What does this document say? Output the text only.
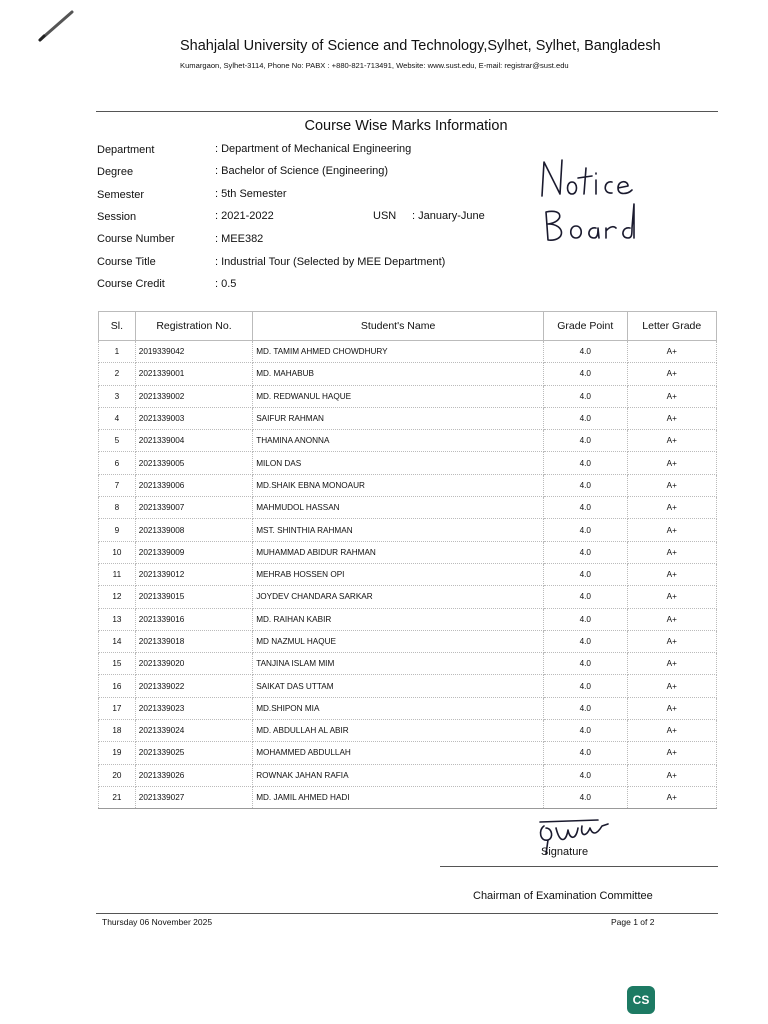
Shahjalal University of Science and Technology,Sylhet, Sylhet, Bangladesh
Kumargaon, Sylhet-3114, Phone No: PABX : +880-821-713491, Website: www.sust.edu, E-mail: registrar@sust.edu
Course Wise Marks Information
Department	: Department of Mechanical Engineering
Degree	: Bachelor of Science (Engineering)
Semester	: 5th Semester
Session	: 2021-2022	USN : January-June
Course Number	: MEE382
Course Title	: Industrial Tour (Selected by MEE Department)
Course Credit	: 0.5
Sl.	Registration No.	Student's Name	Grade Point	Letter Grade
1	2019339042	MD. TAMIM AHMED CHOWDHURY	4.0	A+
2	2021339001	MD. MAHABUB	4.0	A+
3	2021339002	MD. REDWANUL HAQUE	4.0	A+
4	2021339003	SAIFUR RAHMAN	4.0	A+
5	2021339004	THAMINA ANONNA	4.0	A+
6	2021339005	MILON DAS	4.0	A+
7	2021339006	MD.SHAIK EBNA MONOAUR	4.0	A+
8	2021339007	MAHMUDOL HASSAN	4.0	A+
9	2021339008	MST. SHINTHIA RAHMAN	4.0	A+
10	2021339009	MUHAMMAD ABIDUR RAHMAN	4.0	A+
11	2021339012	MEHRAB HOSSEN OPI	4.0	A+
12	2021339015	JOYDEV CHANDARA SARKAR	4.0	A+
13	2021339016	MD. RAIHAN KABIR	4.0	A+
14	2021339018	MD NAZMUL HAQUE	4.0	A+
15	2021339020	TANJINA ISLAM MIM	4.0	A+
16	2021339022	SAIKAT DAS UTTAM	4.0	A+
17	2021339023	MD.SHIPON MIA	4.0	A+
18	2021339024	MD. ABDULLAH AL ABIR	4.0	A+
19	2021339025	MOHAMMED ABDULLAH	4.0	A+
20	2021339026	ROWNAK JAHAN RAFIA	4.0	A+
21	2021339027	MD. JAMIL AHMED HADI	4.0	A+
Signature
Chairman of Examination Committee
Thursday 06 November 2025	Page 1 of 2
CS
